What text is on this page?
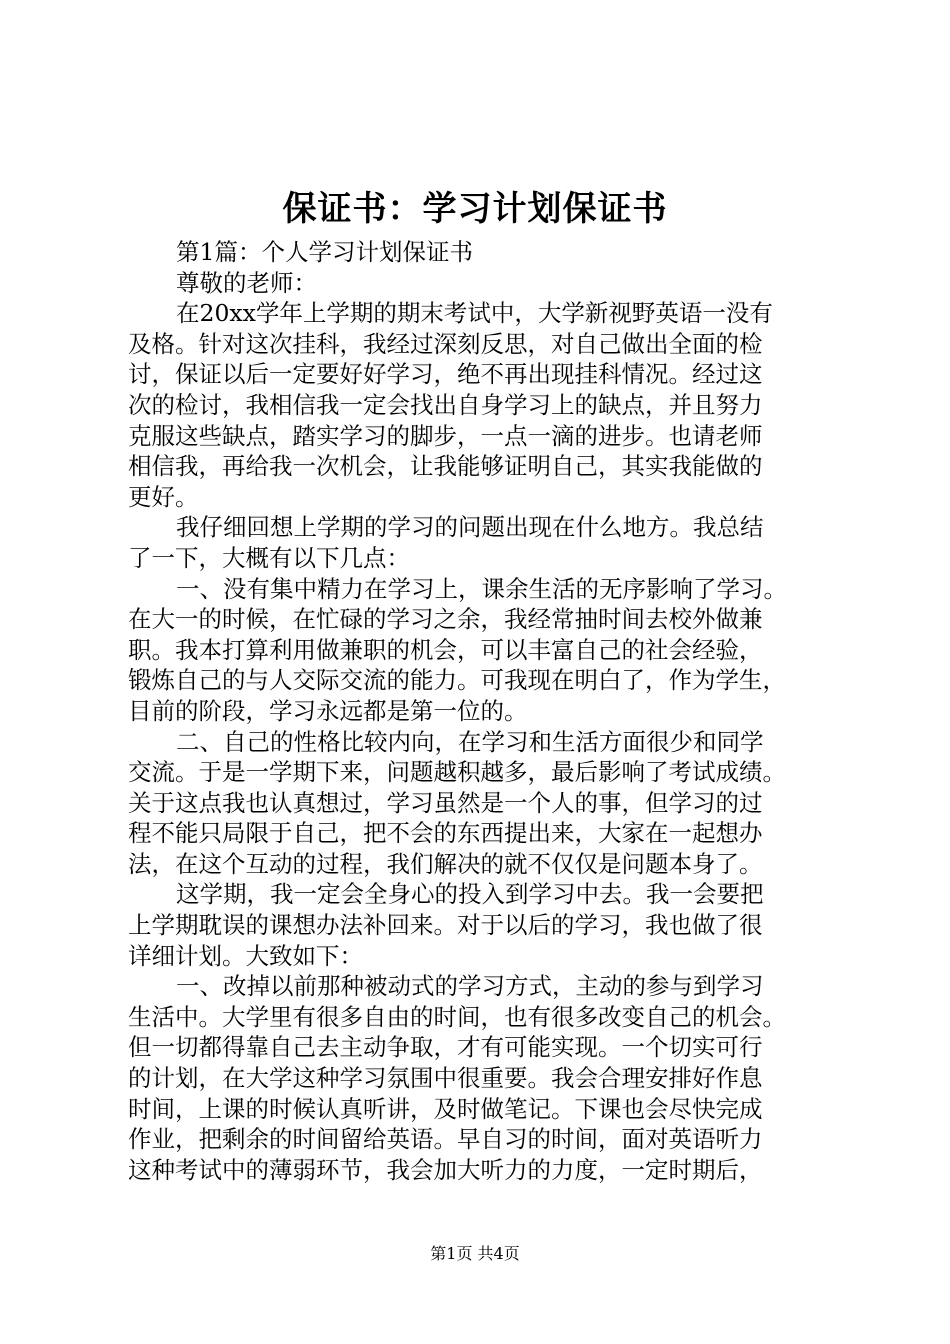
保证书：学习计划保证书
第1篇：个人学习计划保证书
尊敬的老师：
在20xx学年上学期的期末考试中，大学新视野英语一没有
及格。针对这次挂科，我经过深刻反思，对自己做出全面的检
讨，保证以后一定要好好学习，绝不再出现挂科情况。经过这
次的检讨，我相信我一定会找出自身学习上的缺点，并且努力
克服这些缺点，踏实学习的脚步，一点一滴的进步。也请老师
相信我，再给我一次机会，让我能够证明自己，其实我能做的
更好。
我仔细回想上学期的学习的问题出现在什么地方。我总结
了一下，大概有以下几点：
一、没有集中精力在学习上，课余生活的无序影响了学习。
在大一的时候，在忙碌的学习之余，我经常抽时间去校外做兼
职。我本打算利用做兼职的机会，可以丰富自己的社会经验，
锻炼自己的与人交际交流的能力。可我现在明白了，作为学生，
目前的阶段，学习永远都是第一位的。
二、自己的性格比较内向，在学习和生活方面很少和同学
交流。于是一学期下来，问题越积越多，最后影响了考试成绩。
关于这点我也认真想过，学习虽然是一个人的事，但学习的过
程不能只局限于自己，把不会的东西提出来，大家在一起想办
法，在这个互动的过程，我们解决的就不仅仅是问题本身了。
这学期，我一定会全身心的投入到学习中去。我一会要把
上学期耽误的课想办法补回来。对于以后的学习，我也做了很
详细计划。大致如下：
一、改掉以前那种被动式的学习方式，主动的参与到学习
生活中。大学里有很多自由的时间，也有很多改变自己的机会。
但一切都得靠自己去主动争取，才有可能实现。一个切实可行
的计划，在大学这种学习氛围中很重要。我会合理安排好作息
时间，上课的时候认真听讲，及时做笔记。下课也会尽快完成
作业，把剩余的时间留给英语。早自习的时间，面对英语听力
这种考试中的薄弱环节，我会加大听力的力度，一定时期后，
第1页 共4页
